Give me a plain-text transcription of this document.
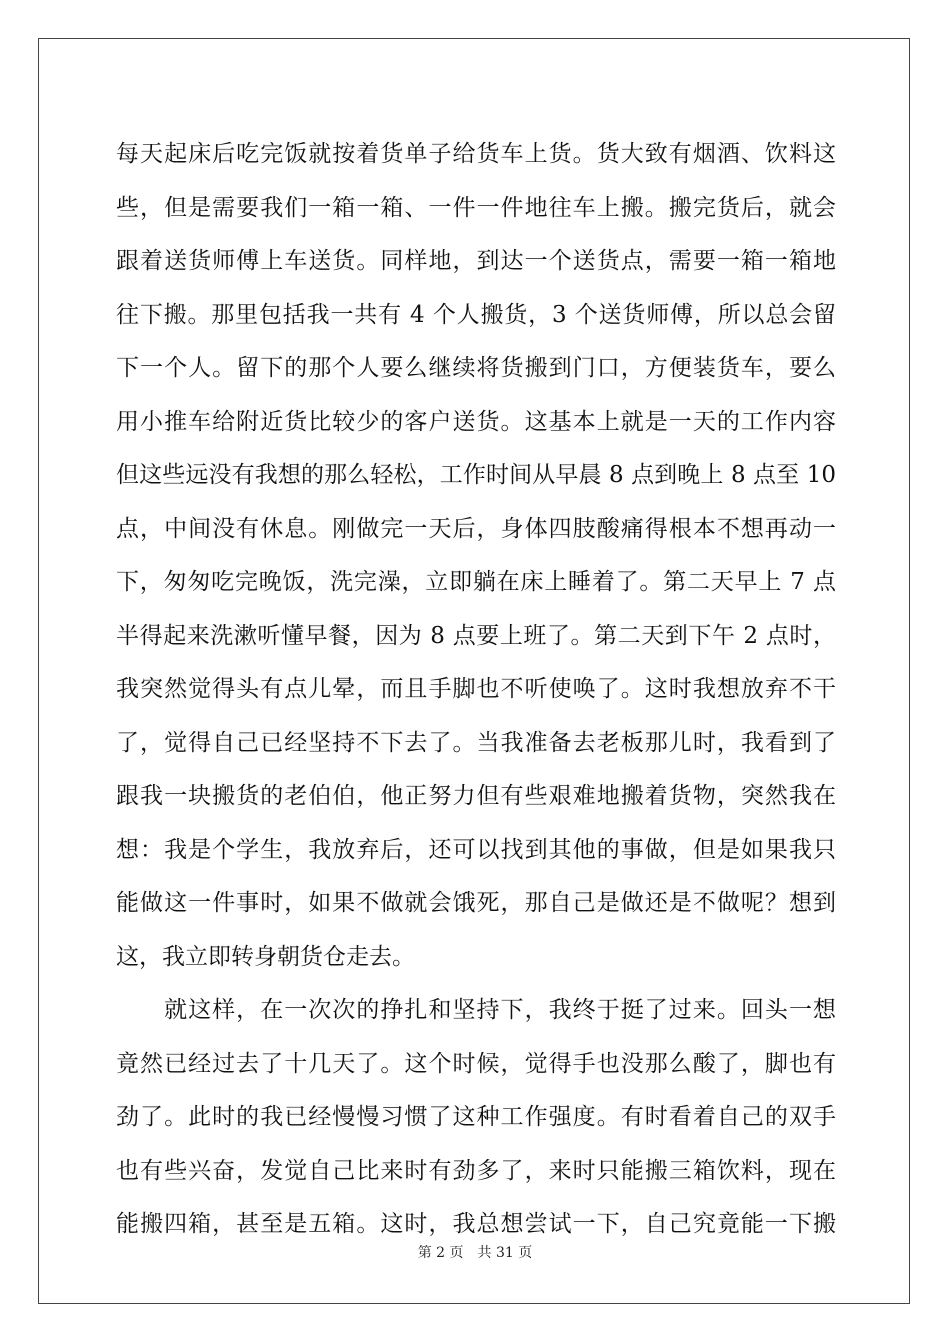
每天起床后吃完饭就按着货单子给货车上货。货大致有烟酒、饮料这
些，但是需要我们一箱一箱、一件一件地往车上搬。搬完货后，就会
跟着送货师傅上车送货。同样地，到达一个送货点，需要一箱一箱地
往下搬。那里包括我一共有 4 个人搬货，3 个送货师傅，所以总会留
下一个人。留下的那个人要么继续将货搬到门口，方便装货车，要么
用小推车给附近货比较少的客户送货。这基本上就是一天的工作内容
但这些远没有我想的那么轻松，工作时间从早晨 8 点到晚上 8 点至 10
点，中间没有休息。刚做完一天后，身体四肢酸痛得根本不想再动一
下，匆匆吃完晚饭，洗完澡，立即躺在床上睡着了。第二天早上 7 点
半得起来洗漱听懂早餐，因为 8 点要上班了。第二天到下午 2 点时，
我突然觉得头有点儿晕，而且手脚也不听使唤了。这时我想放弃不干
了，觉得自己已经坚持不下去了。当我准备去老板那儿时，我看到了
跟我一块搬货的老伯伯，他正努力但有些艰难地搬着货物，突然我在
想：我是个学生，我放弃后，还可以找到其他的事做，但是如果我只
能做这一件事时，如果不做就会饿死，那自己是做还是不做呢？想到
这，我立即转身朝货仓走去。
　　就这样，在一次次的挣扎和坚持下，我终于挺了过来。回头一想
竟然已经过去了十几天了。这个时候，觉得手也没那么酸了，脚也有
劲了。此时的我已经慢慢习惯了这种工作强度。有时看着自己的双手
也有些兴奋，发觉自己比来时有劲多了，来时只能搬三箱饮料，现在
能搬四箱，甚至是五箱。这时，我总想尝试一下，自己究竟能一下搬
第 2 页 共 31 页
